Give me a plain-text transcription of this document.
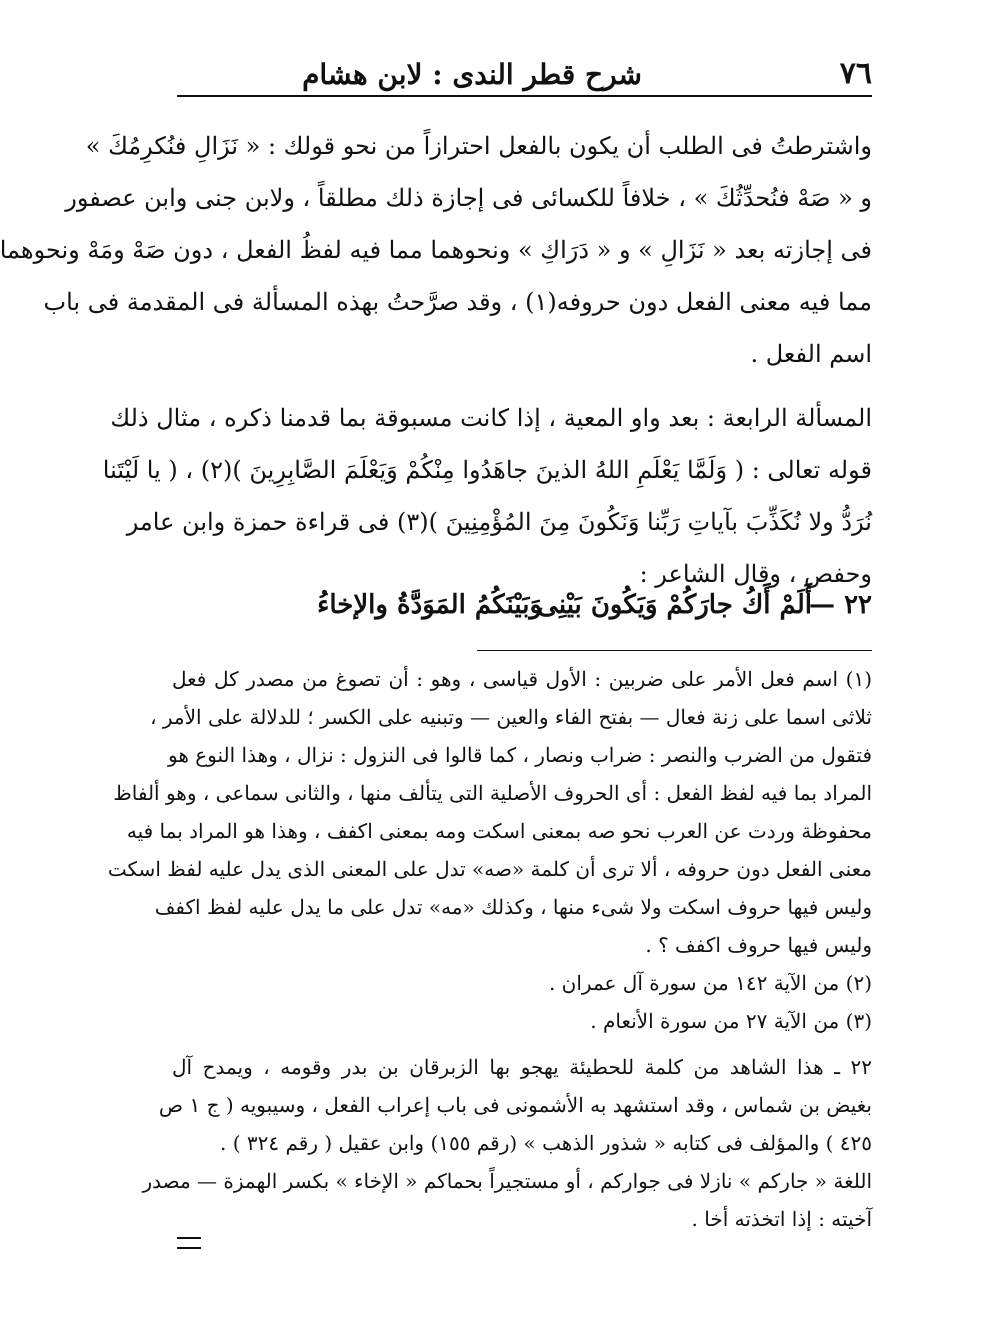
٧٦
شرح قطر الندى : لابن هشام
واشترطتُ فى الطلب أن يكون بالفعل احترازاً من نحو قولك : « نَزَالِ فنُكرِمُكَ »
و « صَهْ فنُحدِّثُكَ » ، خلافاً للكسائى فى إجازة ذلك مطلقاً ، ولابن جنى وابن عصفور
فى إجازته بعد « نَزَالِ » و « دَرَاكِ » ونحوهما مما فيه لفظُ الفعل ، دون صَهْ ومَهْ ونحوهما
مما فيه معنى الفعل دون حروفه(١) ، وقد صرَّحتُ بهذه المسألة فى المقدمة فى باب
اسم الفعل .
المسألة الرابعة : بعد واو المعية ، إذا كانت مسبوقة بما قدمنا ذكره ، مثال ذلك
قوله تعالى : ( وَلَمَّا يَعْلَمِ اللهُ الذينَ جاهَدُوا مِنْكُمْ وَيَعْلَمَ الصَّابِرِينَ )(٢) ، ( يا لَيْتَنا
نُرَدُّ ولا نُكَذِّبَ بآياتِ رَبِّنا وَنَكُونَ مِنَ المُؤْمِنِينَ )(٣) فى قراءة حمزة وابن عامر
وحفص ، وقال الشاعر :
٢٢ —
أَلَمْ أَكُ جارَكُمْ وَيَكُونَ بَيْنِى
وَبَيْنَكُمُ المَوَدَّةُ والإخاءُ
(١) اسم فعل الأمر على ضربين : الأول قياسى ، وهو : أن تصوغ من مصدر كل فعل
ثلاثى اسما على زنة فعال — بفتح الفاء والعين — وتبنيه على الكسر ؛ للدلالة على الأمر ،
فتقول من الضرب والنصر : ضراب ونصار ، كما قالوا فى النزول : نزال ، وهذا النوع هو
المراد بما فيه لفظ الفعل : أى الحروف الأصلية التى يتألف منها ، والثانى سماعى ، وهو ألفاظ
محفوظة وردت عن العرب نحو صه بمعنى اسكت ومه بمعنى اكفف ، وهذا هو المراد بما فيه
معنى الفعل دون حروفه ، ألا ترى أن كلمة «صه» تدل على المعنى الذى يدل عليه لفظ اسكت
وليس فيها حروف اسكت ولا شىء منها ، وكذلك «مه» تدل على ما يدل عليه لفظ اكفف
وليس فيها حروف اكفف ؟ .
(٢) من الآية ١٤٢ من سورة آل عمران .
(٣) من الآية ٢٧ من سورة الأنعام .
٢٢ ـ هذا الشاهد من كلمة للحطيئة يهجو بها الزبرقان بن بدر وقومه ، ويمدح آل
بغيض بن شماس ، وقد استشهد به الأشمونى فى باب إعراب الفعل ، وسيبويه ( ج ١ ص
٤٢٥ ) والمؤلف فى كتابه « شذور الذهب » (رقم ١٥٥) وابن عقيل ( رقم ٣٢٤ ) .
اللغة « جاركم » نازلا فى جواركم ، أو مستجيراً بحماكم « الإخاء » بكسر الهمزة — مصدر
آخيته : إذا اتخذته أخا .
